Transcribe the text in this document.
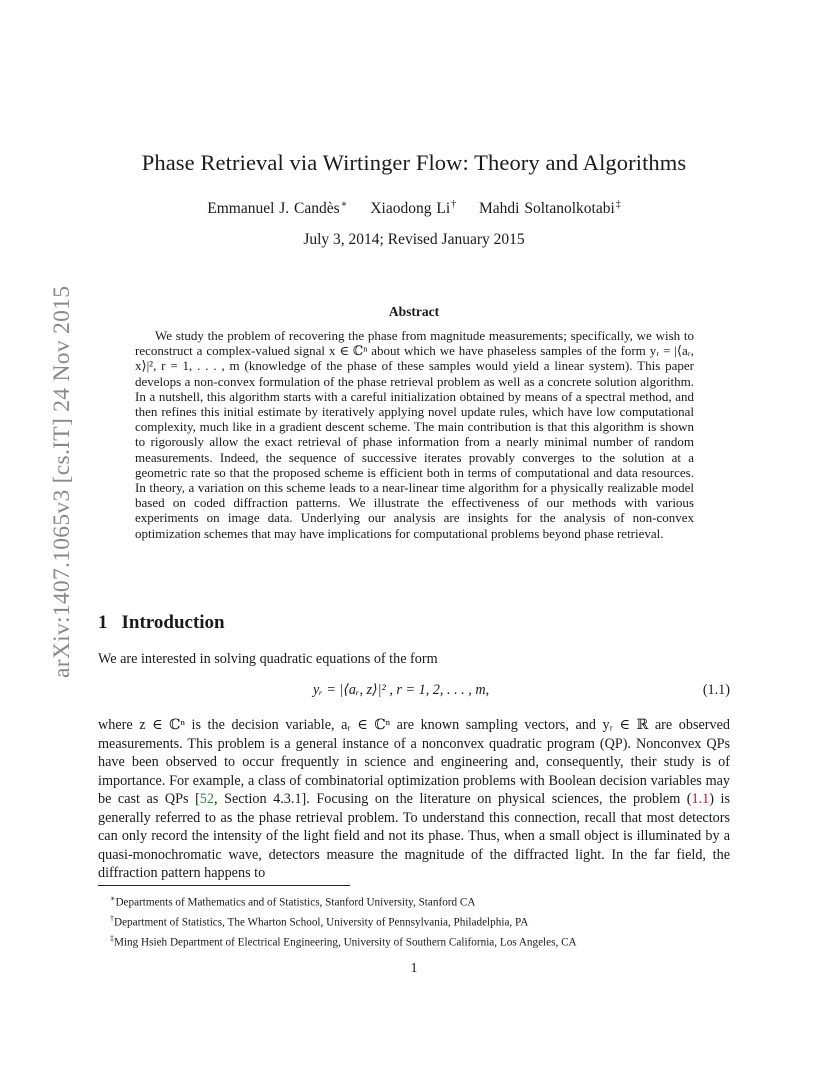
arXiv:1407.1065v3 [cs.IT] 24 Nov 2015
Phase Retrieval via Wirtinger Flow: Theory and Algorithms
Emmanuel J. Candès∗ Xiaodong Li† Mahdi Soltanolkotabi‡
July 3, 2014; Revised January 2015
Abstract
We study the problem of recovering the phase from magnitude measurements; specifically, we wish to reconstruct a complex-valued signal x ∈ ℂⁿ about which we have phaseless samples of the form yᵣ = |⟨aᵣ, x⟩|², r = 1, . . . , m (knowledge of the phase of these samples would yield a linear system). This paper develops a non-convex formulation of the phase retrieval problem as well as a concrete solution algorithm. In a nutshell, this algorithm starts with a careful initialization obtained by means of a spectral method, and then refines this initial estimate by iteratively applying novel update rules, which have low computational complexity, much like in a gradient descent scheme. The main contribution is that this algorithm is shown to rigorously allow the exact retrieval of phase information from a nearly minimal number of random measurements. Indeed, the sequence of successive iterates provably converges to the solution at a geometric rate so that the proposed scheme is efficient both in terms of computational and data resources. In theory, a variation on this scheme leads to a near-linear time algorithm for a physically realizable model based on coded diffraction patterns. We illustrate the effectiveness of our methods with various experiments on image data. Underlying our analysis are insights for the analysis of non-convex optimization schemes that may have implications for computational problems beyond phase retrieval.
1 Introduction
We are interested in solving quadratic equations of the form
yᵣ = |⟨aᵣ, z⟩|² , r = 1, 2, . . . , m,	(1.1)
where z ∈ ℂⁿ is the decision variable, aᵣ ∈ ℂⁿ are known sampling vectors, and yᵣ ∈ ℝ are observed measurements. This problem is a general instance of a nonconvex quadratic program (QP). Nonconvex QPs have been observed to occur frequently in science and engineering and, consequently, their study is of importance. For example, a class of combinatorial optimization problems with Boolean decision variables may be cast as QPs [52, Section 4.3.1]. Focusing on the literature on physical sciences, the problem (1.1) is generally referred to as the phase retrieval problem. To understand this connection, recall that most detectors can only record the intensity of the light field and not its phase. Thus, when a small object is illuminated by a quasi-monochromatic wave, detectors measure the magnitude of the diffracted light. In the far field, the diffraction pattern happens to
∗Departments of Mathematics and of Statistics, Stanford University, Stanford CA
†Department of Statistics, The Wharton School, University of Pennsylvania, Philadelphia, PA
‡Ming Hsieh Department of Electrical Engineering, University of Southern California, Los Angeles, CA
1
